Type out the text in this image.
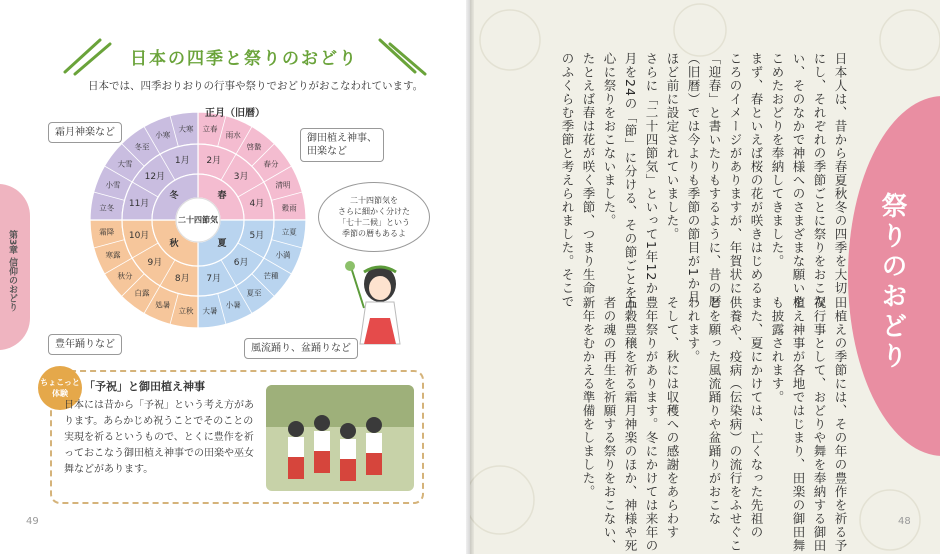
第3章 信仰のおどり
日本の四季と祭りのおどり
日本では、四季おりおりの行事や祭りでおどりがおこなわれています。
立春
雨水
啓蟄
春分
清明
穀雨
立夏
小満
芒種
夏至
小暑
大暑
立秋
処暑
白露
秋分
寒露
霜降
立冬
小雪
大雪
冬至
小寒
大寒
2月
3月
4月
5月
6月
7月
8月
9月
10月
11月
12月
1月
春
夏
秋
冬
二十四節気
正月（旧暦）
霜月神楽など
御田植え神事、
田楽など
豊年踊りなど	風流踊り、盆踊りなど
二十四節気を
さらに細かく分けた
「七十二候」という
季節の暦もあるよ
ちょこっと
体験
「予祝」と御田植え神事
日本には昔から「予祝」という考え方があります。あらかじめ祝うことでそのことの実現を祈るというもので、とくに豊作を祈っておこなう御田植え神事での田楽や巫女舞などがあります。
49
祭りのおどり
日本人は、昔から春夏秋冬の四季を大切
にし、それぞれの季節ごとに祭りをおこな
い、そのなかで神様へのさまざまな願いを
こめたおどりを奉納してきました。
まず、春といえば桜の花が咲きはじめる
ころのイメージがありますが、年賀状に
「迎春」と書いたりもするように、昔の暦
（旧暦）では今よりも季節の節目が1か月
ほど前に設定されていました。
さらに「二十四節気」といって1年12か
月を24の「節」に分ける、その節ごとを中
心に祭りをおこないました。
たとえば春は花が咲く季節、つまり生命
のふくらむ季節と考えられました。そこで
田植えの季節には、その年の豊作を祈る予
祝行事として、おどりや舞を奉納する御田
植え神事が各地ではじまり、田楽の御田舞
も披露されます。
また、夏にかけては、亡くなった先祖の
供養や、疫病（伝染病）の流行をふせぐこ
とを願った風流踊りや盆踊りがおこな
われます。
そして、秋には収穫への感謝をあらわす
豊年祭りがあります。冬にかけては来年の
五穀豊穣を祈る霜月神楽のほか、神様や死
者の魂の再生を祈願する祭りをおこない、
新年をむかえる準備をしました。
48
